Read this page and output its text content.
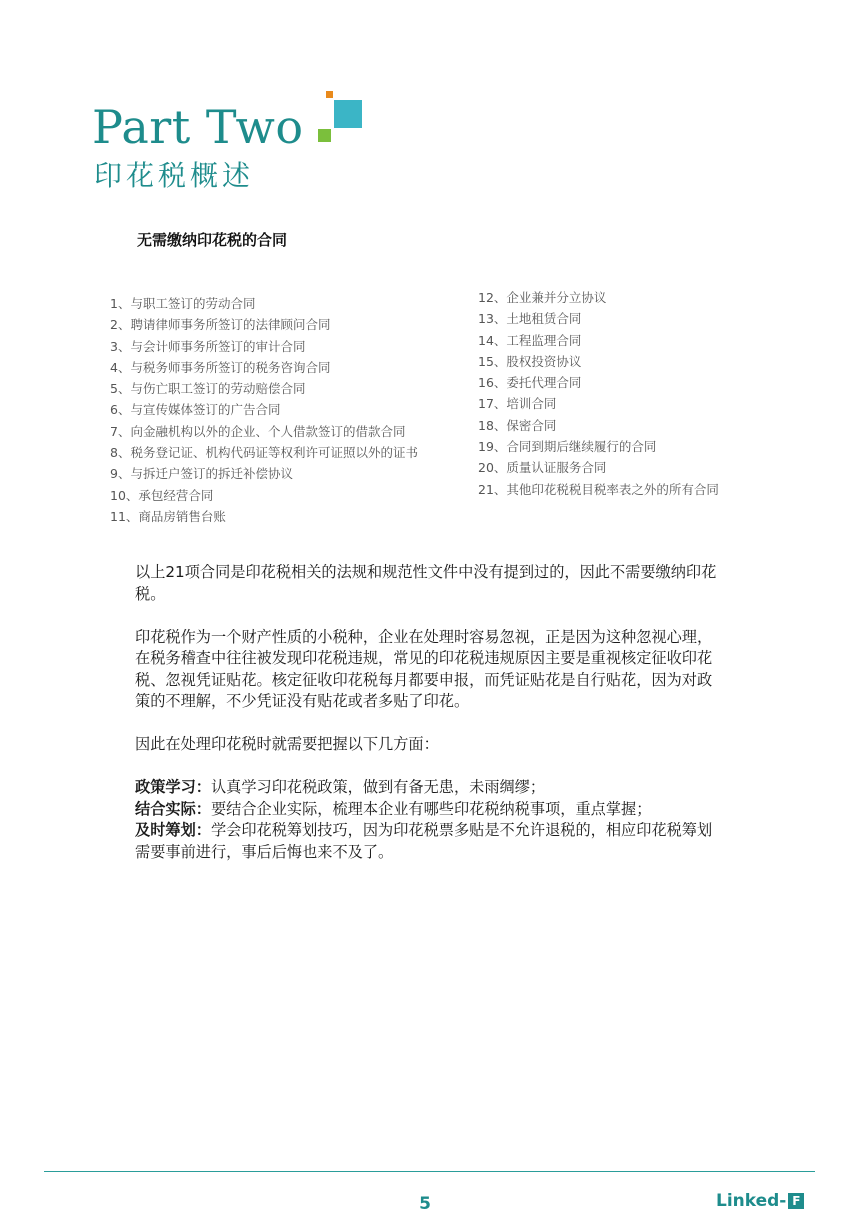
Part Two
印花税概述
无需缴纳印花税的合同
1、与职工签订的劳动合同
2、聘请律师事务所签订的法律顾问合同
3、与会计师事务所签订的审计合同
4、与税务师事务所签订的税务咨询合同
5、与伤亡职工签订的劳动赔偿合同
6、与宣传媒体签订的广告合同
7、向金融机构以外的企业、个人借款签订的借款合同
8、税务登记证、机构代码证等权利许可证照以外的证书
9、与拆迁户签订的拆迁补偿协议
10、承包经营合同
11、商品房销售台账
12、企业兼并分立协议
13、土地租赁合同
14、工程监理合同
15、股权投资协议
16、委托代理合同
17、培训合同
18、保密合同
19、合同到期后继续履行的合同
20、质量认证服务合同
21、其他印花税税目税率表之外的所有合同

以上21项合同是印花税相关的法规和规范性文件中没有提到过的，因此不需要缴纳印花税。

印花税作为一个财产性质的小税种，企业在处理时容易忽视，正是因为这种忽视心理，在税务稽查中往往被发现印花税违规，常见的印花税违规原因主要是重视核定征收印花税、忽视凭证贴花。核定征收印花税每月都要申报，而凭证贴花是自行贴花，因为对政策的不理解，不少凭证没有贴花或者多贴了印花。

因此在处理印花税时就需要把握以下几方面：

政策学习：认真学习印花税政策，做到有备无患，未雨绸缪；

结合实际：要结合企业实际，梳理本企业有哪些印花税纳税事项，重点掌握；

及时筹划：学会印花税筹划技巧，因为印花税票多贴是不允许退税的，相应印花税筹划需要事前进行，事后后悔也来不及了。

5	Linked- F
